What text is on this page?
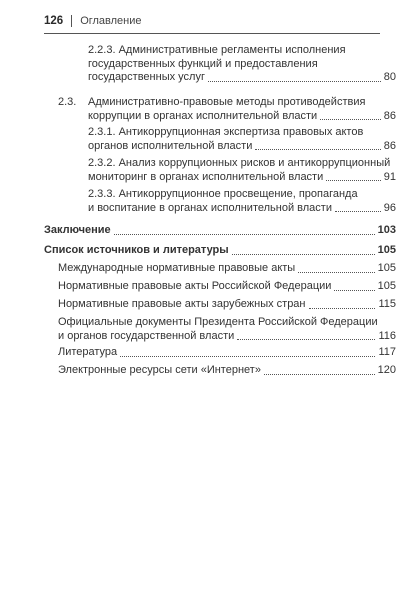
126 Оглавление
2.2.3. Административные регламенты исполнения
государственных функций и предоставления
государственных услуг	80
2.3. Административно-правовые методы противодействия
коррупции в органах исполнительной власти	86
2.3.1. Антикоррупционная экспертиза правовых актов
органов исполнительной власти	86
2.3.2. Анализ коррупционных рисков и антикоррупционный
мониторинг в органах исполнительной власти	91
2.3.3. Антикоррупционное просвещение, пропаганда
и воспитание в органах исполнительной власти	96
Заключение	103
Список источников и литературы	105
Международные нормативные правовые акты	105
Нормативные правовые акты Российской Федерации	105
Нормативные правовые акты зарубежных стран	115
Официальные документы Президента Российской Федерации
и органов государственной власти	116
Литература	117
Электронные ресурсы сети «Интернет»	120
